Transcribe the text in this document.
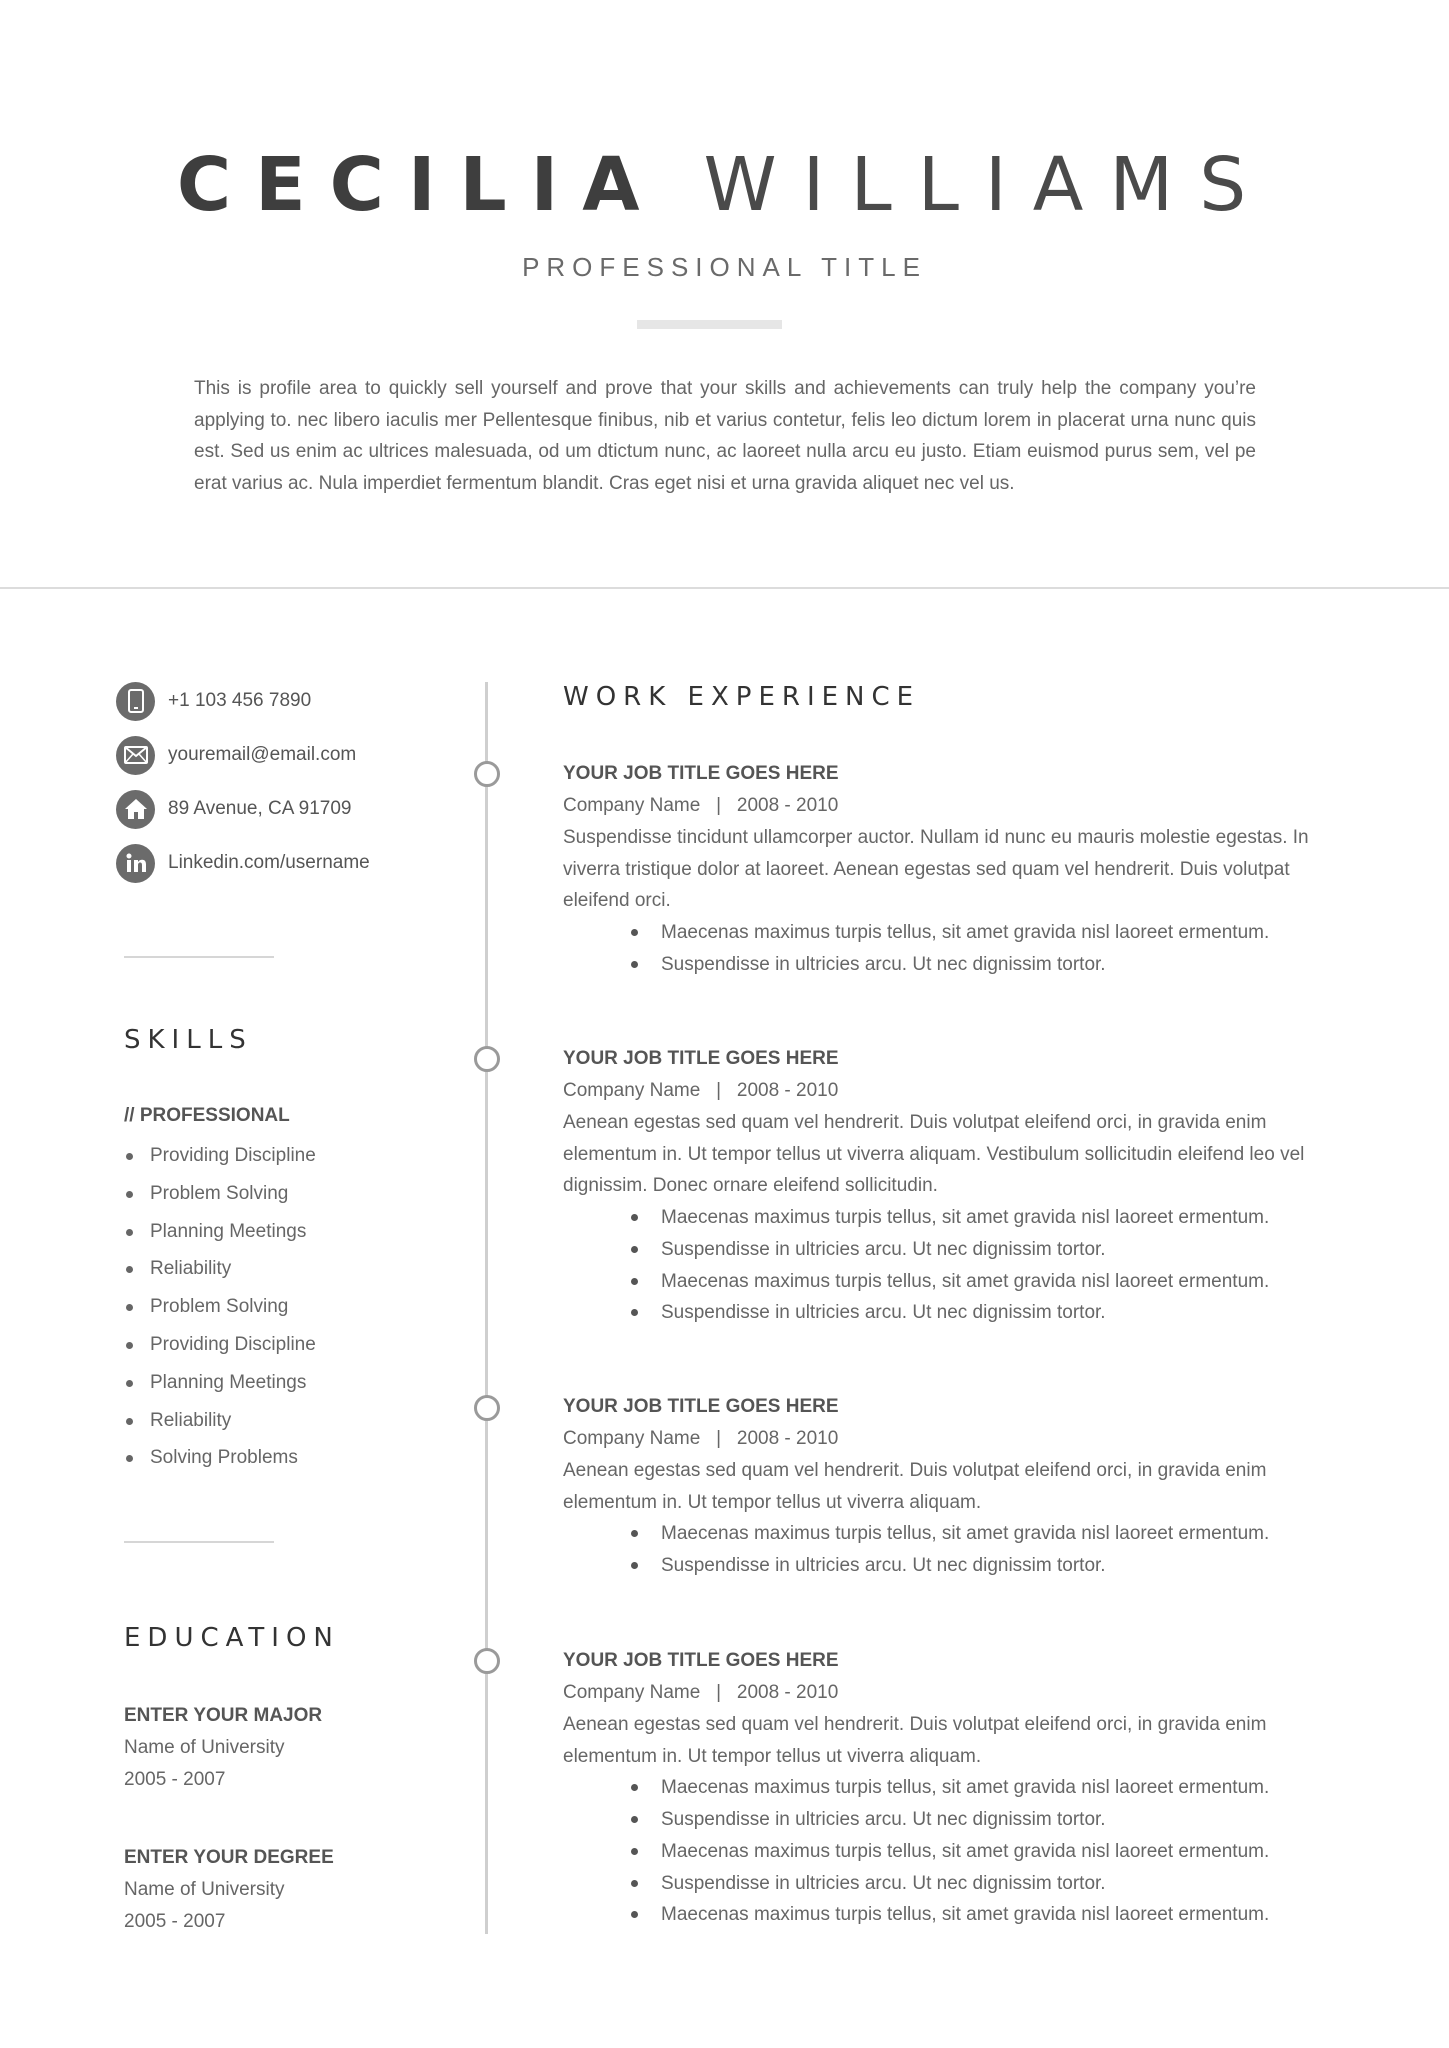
CECILIA WILLIAMS
PROFESSIONAL TITLE
This is profile area to quickly sell yourself and prove that your skills and achievements can truly help the company you’re applying to. nec libero iaculis mer Pellentesque finibus, nib et varius contetur, felis leo dictum lorem in placerat urna nunc quis est. Sed us enim ac ultrices malesuada, od um dtictum nunc, ac laoreet nulla arcu eu justo. Etiam euismod purus sem, vel pe erat varius ac. Nula imperdiet fermentum blandit. Cras eget nisi et urna gravida aliquet nec vel us.
+1 103 456 7890
youremail@email.com
89 Avenue, CA 91709
Linkedin.com/username
SKILLS
// PROFESSIONAL
Providing Discipline
Problem Solving
Planning Meetings
Reliability
Problem Solving
Providing Discipline
Planning Meetings
Reliability
Solving Problems
EDUCATION
ENTER YOUR MAJOR
Name of University
2005 - 2007
ENTER YOUR DEGREE
Name of University
2005 - 2007
WORK EXPERIENCE
YOUR JOB TITLE GOES HERE
Company Name   |   2008 - 2010
Suspendisse tincidunt ullamcorper auctor. Nullam id nunc eu mauris molestie egestas. In viverra tristique dolor at laoreet. Aenean egestas sed quam vel hendrerit. Duis volutpat eleifend orci.
Maecenas maximus turpis tellus, sit amet gravida nisl laoreet ermentum.
Suspendisse in ultricies arcu. Ut nec dignissim tortor.
YOUR JOB TITLE GOES HERE
Company Name   |   2008 - 2010
Aenean egestas sed quam vel hendrerit. Duis volutpat eleifend orci, in gravida enim elementum in. Ut tempor tellus ut viverra aliquam. Vestibulum sollicitudin eleifend leo vel dignissim. Donec ornare eleifend sollicitudin.
Maecenas maximus turpis tellus, sit amet gravida nisl laoreet ermentum.
Suspendisse in ultricies arcu. Ut nec dignissim tortor.
Maecenas maximus turpis tellus, sit amet gravida nisl laoreet ermentum.
Suspendisse in ultricies arcu. Ut nec dignissim tortor.
YOUR JOB TITLE GOES HERE
Company Name   |   2008 - 2010
Aenean egestas sed quam vel hendrerit. Duis volutpat eleifend orci, in gravida enim elementum in. Ut tempor tellus ut viverra aliquam.
Maecenas maximus turpis tellus, sit amet gravida nisl laoreet ermentum.
Suspendisse in ultricies arcu. Ut nec dignissim tortor.
YOUR JOB TITLE GOES HERE
Company Name   |   2008 - 2010
Aenean egestas sed quam vel hendrerit. Duis volutpat eleifend orci, in gravida enim elementum in. Ut tempor tellus ut viverra aliquam.
Maecenas maximus turpis tellus, sit amet gravida nisl laoreet ermentum.
Suspendisse in ultricies arcu. Ut nec dignissim tortor.
Maecenas maximus turpis tellus, sit amet gravida nisl laoreet ermentum.
Suspendisse in ultricies arcu. Ut nec dignissim tortor.
Maecenas maximus turpis tellus, sit amet gravida nisl laoreet ermentum.
